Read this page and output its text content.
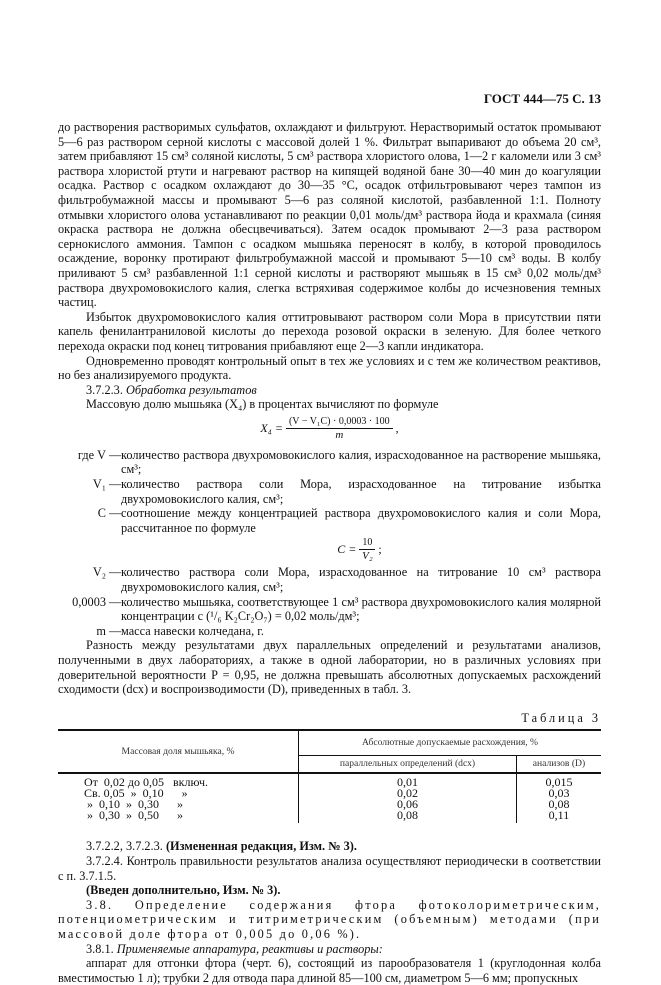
ГОСТ 444—75 С. 13

до растворения растворимых сульфатов, охлаждают и фильтруют. Нерастворимый остаток промывают 5—6 раз раствором серной кислоты с массовой долей 1 %. Фильтрат выпаривают до объема 20 см³, затем прибавляют 15 см³ соляной кислоты, 5 см³ раствора хлористого олова, 1—2 г каломели или 3 см³ раствора хлористой ртути и нагревают раствор на кипящей водяной бане 30—40 мин до коагуляции осадка. Раствор с осадком охлаждают до 30—35 °С, осадок отфильтровывают через тампон из фильтробумажной массы и промывают 5—6 раз соляной кислотой, разбавленной 1:1. Полноту отмывки хлористого олова устанавливают по реакции 0,01 моль/дм³ раствора йода и крахмала (синяя окраска раствора не должна обесцвечиваться). Затем осадок промывают 2—3 раза раствором сернокислого аммония. Тампон с осадком мышьяка переносят в колбу, в которой проводилось осаждение, воронку протирают фильтробумажной массой и промывают 5—10 см³ воды. В колбу приливают 5 см³ разбавленной 1:1 серной кислоты и растворяют мышьяк в 15 см³ 0,02 моль/дм³ раствора двухромовокислого калия, слегка встряхивая содержимое колбы до исчезновения темных частиц.

Избыток двухромовокислого калия оттитровывают раствором соли Мора в присутствии пяти капель фенилантраниловой кислоты до перехода розовой окраски в зеленую. Для более четкого перехода окраски под конец титрования прибавляют еще 2—3 капли индикатора.

Одновременно проводят контрольный опыт в тех же условиях и с тем же количеством реактивов, но без анализируемого продукта.

3.7.2.3. Обработка результатов

Массовую долю мышьяка (X₄) в процентах вычисляют по формуле

$X_4 = \frac{\text{(V − V₁C) · 0,0003 · 100}}{m}$ ,
где V — количество раствора двухромовокислого калия, израсходованное на растворение мышьяка, см³;
V₁ — количество раствора соли Мора, израсходованное на титрование избытка двухромовокислого калия, см³;
C — соотношение между концентрацией раствора двухромовокислого калия и соли Мора, рассчитанное по формуле
$C = \frac{10}{\text{V₂}}$ ;
V₂ — количество раствора соли Мора, израсходованное на титрование 10 см³ раствора двухромовокислого калия, см³;
0,0003 — количество мышьяка, соответствующее 1 см³ раствора двухромовокислого калия молярной концентрации c (¹/₆ K₂Cr₂O₇) = 0,02 моль/дм³;
m — масса навески колчедана, г.

Разность между результатами двух параллельных определений и результатами анализов, полученными в двух лабораториях, а также в одной лаборатории, но в различных условиях при доверительной вероятности P = 0,95, не должна превышать абсолютных допускаемых расхождений сходимости (dсх) и воспроизводимости (D), приведенных в табл. 3.

Таблица 3
Массовая доля мышьяка, %	Абсолютные допускаемые расхождения, %	
	параллельных определений (dсх)	анализов (D)
От  0,02 до 0,05   включ.	0,01	0,015
Св. 0,05  »  0,10      »	0,02	0,03
»  0,10  »  0,30      »	0,06	0,08
»  0,30  »  0,50      »	0,08	0,11

3.7.2.2, 3.7.2.3. (Измененная редакция, Изм. № 3).

3.7.2.4. Контроль правильности результатов анализа осуществляют периодически в соответствии с п. 3.7.1.5.

(Введен дополнительно, Изм. № 3).

3.8. Определение содержания фтора фотоколориметрическим, потенциометрическим и титриметрическим (объемным) методами (при массовой доле фтора от 0,005 до 0,06 %).

3.8.1. Применяемые аппаратура, реактивы и растворы:

аппарат для отгонки фтора (черт. 6), состоящий из парообразователя 1 (круглодонная колба вместимостью 1 л); трубки 2 для отвода пара длиной 85—100 см, диаметром 5—6 мм; пропускных
